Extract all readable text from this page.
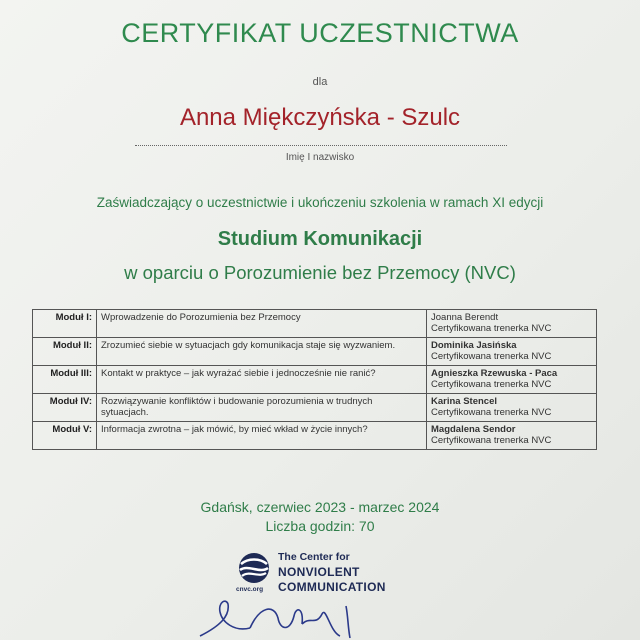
CERTYFIKAT UCZESTNICTWA
dla
Anna Miękczyńska - Szulc
Imię I nazwisko
Zaświadczający o uczestnictwie i ukończeniu szkolenia w ramach XI edycji
Studium Komunikacji
w oparciu o Porozumienie bez Przemocy (NVC)
Moduł I:	Wprowadzenie do Porozumienia bez Przemocy	Joanna Berendt
Certyfikowana trenerka NVC

Moduł II:	Zrozumieć siebie w sytuacjach gdy komunikacja staje się wyzwaniem.	Dominika Jasińska
Certyfikowana trenerka NVC

Moduł III:	Kontakt w praktyce – jak wyrażać siebie i jednocześnie nie ranić?	Agnieszka Rzewuska - Paca
Certyfikowana trenerka NVC

Moduł IV:	Rozwiązywanie konfliktów i budowanie porozumienia w trudnych sytuacjach.	Karina Stencel
Certyfikowana trenerka NVC

Moduł V:	Informacja zwrotna – jak mówić, by mieć wkład w życie innych?	Magdalena Sendor
Certyfikowana trenerka NVC
Gdańsk, czerwiec 2023 - marzec 2024
Liczba godzin: 70
cnvc.org
The Center for
NONVIOLENT
COMMUNICATION
